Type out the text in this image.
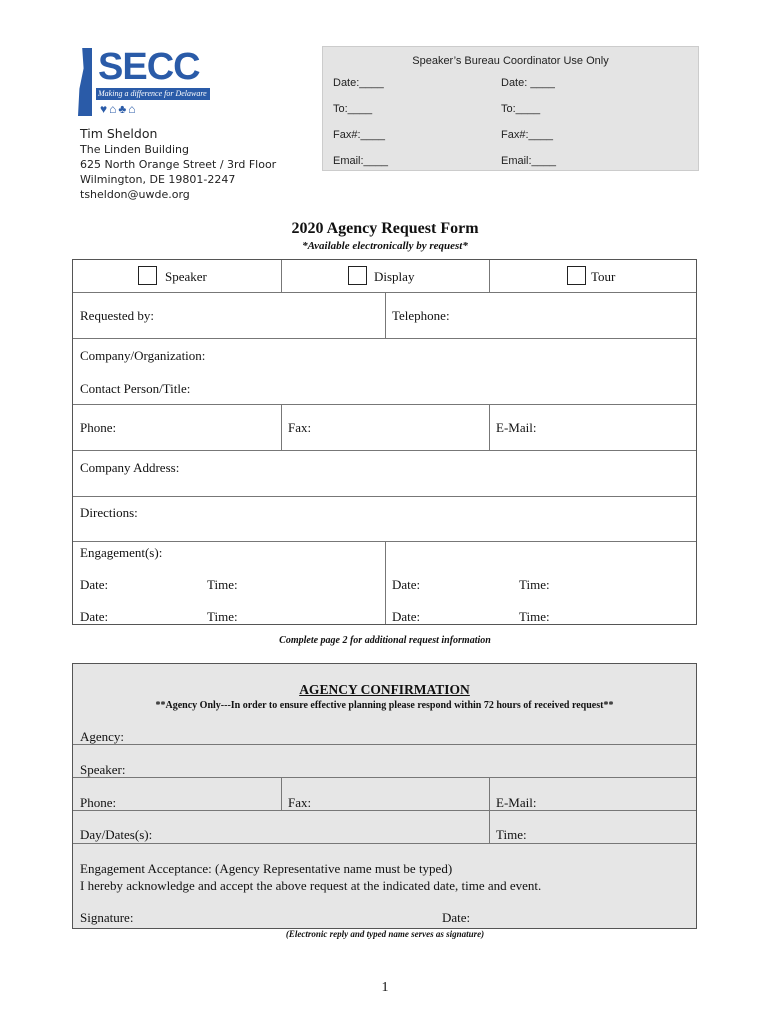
SECC
Making a difference for Delaware
♥⌂♣⌂
Tim Sheldon
The Linden Building
625 North Orange Street / 3rd Floor
Wilmington, DE 19801-2247
tsheldon@uwde.org
Speaker’s Bureau Coordinator Use Only
Date:____	Date: ____
To:____	To:____
Fax#:____	Fax#:____
Email:____	Email:____
2020 Agency Request Form
*Available electronically by request*
Speaker	Display	Tour
Requested by:	Telephone:
Company/Organization:
Contact Person/Title:
Phone:	Fax:	E-Mail:
Company Address:
Directions:
Engagement(s):
Date:	Time:	Date:	Time:
Date:	Time:	Date:	Time:
Complete page 2 for additional request information
AGENCY CONFIRMATION
**Agency Only---In order to ensure effective planning please respond within 72 hours of received request**
Agency:
Speaker:
Phone:	Fax:	E-Mail:
Day/Dates(s):	Time:
Engagement Acceptance: (Agency Representative name must be typed)
I hereby acknowledge and accept the above request at the indicated date, time and event.
Signature:	Date:
(Electronic reply and typed name serves as signature)
1
